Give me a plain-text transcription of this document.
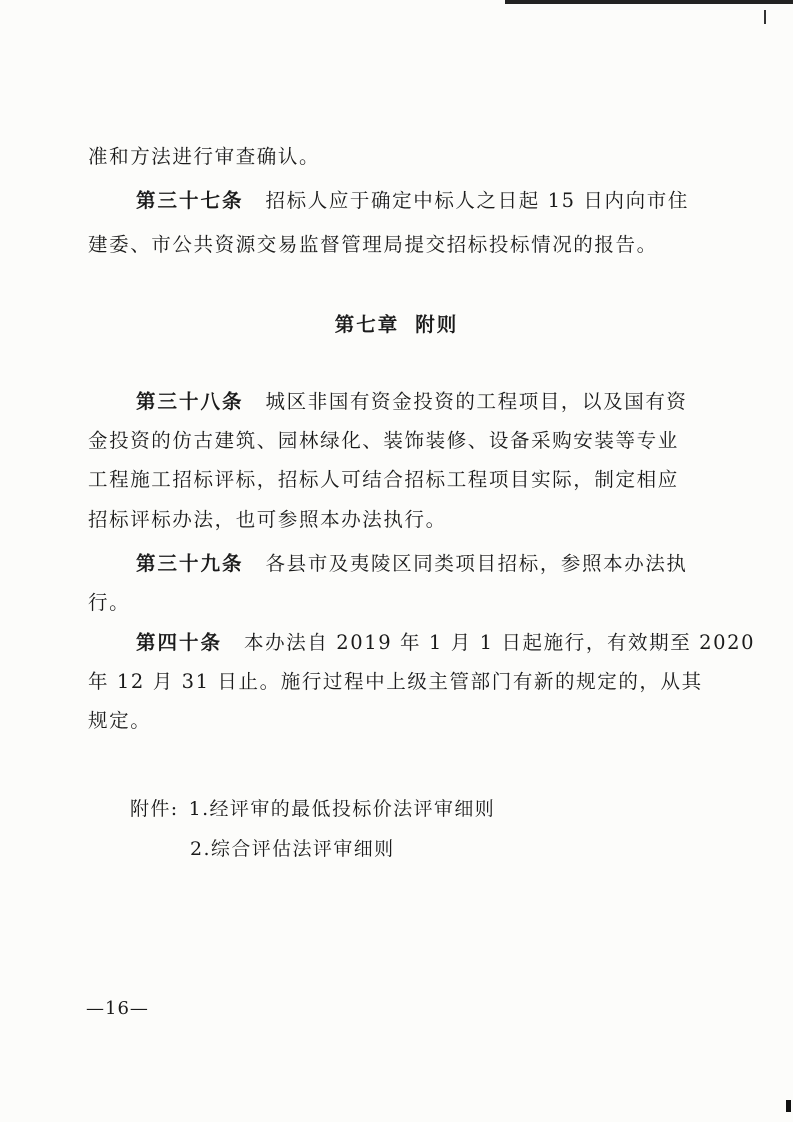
准和方法进行审查确认。

第三十七条 招标人应于确定中标人之日起 15 日内向市住

建委、市公共资源交易监督管理局提交招标投标情况的报告。

第七章 附则

第三十八条 城区非国有资金投资的工程项目，以及国有资

金投资的仿古建筑、园林绿化、装饰装修、设备采购安装等专业

工程施工招标评标，招标人可结合招标工程项目实际，制定相应

招标评标办法，也可参照本办法执行。

第三十九条 各县市及夷陵区同类项目招标，参照本办法执

行。

第四十条 本办法自 2019 年 1 月 1 日起施行，有效期至 2020

年 12 月 31 日止。施行过程中上级主管部门有新的规定的，从其

规定。

附件: 1.经评审的最低投标价法评审细则
2.综合评估法评审细则
—16—
